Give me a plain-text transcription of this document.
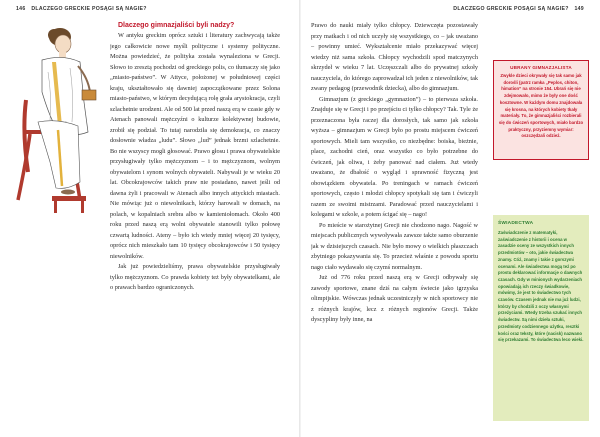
146 DLACZEGO GRECKIE POSĄGI SĄ NAGIE?	DLACZEGO GRECKIE POSĄGI SĄ NAGIE? 149

Dlaczego gimnazjaliści byli nadzy?

W antyku greckim oprócz sztuki i literatury zachwycają także jego całkowicie nowe myśli polityczne i systemy polityczne. Można powiedzieć, że polityka została wynaleziona w Grecji. Słowo to zresztą pochodzi od greckiego polis, co tłumaczy się jako „miasto-państwo”. W Attyce, położonej w południowej części kraju, ukształtowało się dawniej zapoczątkowane przez Solona miasto-państwo, w którym decydującą rolę grała arystokracja, czyli szlachetnie urodzeni. Ale od 500 lat przed naszą erą w czasie gdy w Atenach panowali mężczyźni o kulturze kolektywnej budowie, zrobił się podział. To tutaj narodziła się demokracja, co znaczy dosłownie władza „ludu”. Słowo „lud” jednak brzmi szlachetnie. Bo nie wszyscy mogli głosować. Prawo głosu i prawa obywatelskie przysługiwały tylko mężczyznom – i to mężczyznom, wolnym obywatelom i synom wolnych obywateli. Nabywali je w wieku 20 lat. Obcokrajowców takich praw nie posiadano, nawet jeśli od dawna żyli i pracowali w Atenach albo innych attyckich miastach. Nie mówiąc już o niewolnikach, którzy harowali w domach, na polach, w kopalniach srebra albo w kamieniołomach. Około 400 roku przed naszą erą wolni obywatele stanowili tylko połowę czwartą ludności. Ateny – było ich wtedy mniej więcej 20 tysięcy, oprócz nich mieszkało tam 10 tysięcy obcokrajowców i 50 tysięcy niewolników.

Jak już powiedzieliśmy, prawa obywatelskie przysługiwały tylko mężczyznom. Co prawda kobiety też były obywatelkami, ale o prawach bardzo ograniczonych.

Prawo do nauki miały tylko chłopcy. Dziewczęta pozostawały przy matkach i od nich uczyły się wszystkiego, co – jak uważano – powinny umieć. Wykształcenie miało przekazywać więcej wiedzy niż sama szkoła. Chłopcy wychodzili spod matczynych skrzydeł w wieku 7 lat. Uczęszczali albo do prywatnej szkoły nauczyciela, do którego zaprowadzał ich jeden z niewolników, tak zwany pedagog (przewodnik dziecka), albo do gimnazjum.

Gimnazjum (z greckiego „gymnazion”) – to pierwsza szkoła. Znajduje się w Grecji i po przejściu ci tylko chłopcy? Tak. Tyle że przeznaczona była raczej dla dorosłych, tak samo jak szkoła wyższa – gimnazjum w Grecji było po prostu miejscem ćwiczeń sportowych. Mieli tam wszystko, co niezbędne: boiska, bieżnie, place, zachodni cień, oraz wszystko co było potrzebne do ćwiczeń, jak oliwa, i żeby panować nad ciałem. Już wtedy uważano, że dbałość o wygląd i sprawność fizyczną jest obowiązkiem obywatela. Po treningach w ramach ćwiczeń sportowych, często i młodzi chłopcy spotykali się tam i ćwiczyli razem ze swoimi mistrzami. Paradować przed nauczycielami i kolegami w szkole, a potem ścigać się – nago!

Po mieście w starożytnej Grecji nie chodzono nago. Nagość w miejscach publicznych wywoływała zawsze także samo oburzenie jak w dzisiejszych czasach. Nie było mowy o wielkich płaszczach zbytniego pokazywania się. To przecież właśnie z powodu sportu nago ciało wydawało się czymś normalnym.

Już od 776 roku przed naszą erą w Grecji odbywały się zawody sportowe, znane dziś na całym świecie jako igrzyska olimpijskie. Wówczas jednak uczestniczyły w nich sportowcy nie z różnych krajów, lecz z różnych regionów Grecji. Także dyscypliny były inne, na

UBRANY GIMNAZJALISTA
Zwykle dzieci okrywały się tak samo jak dorośli (patrz ramka „Peplos, chiton, himation” na stronie 154. Ubrań się nie zdejmowało, mimo że były one dość kosztowne. W każdym domu znajdowała się krosna, na których kobiety tkały materiały. To, że gimnazjaliści rozbierali się do ćwiczeń sportowych, miało bardzo praktyczny, przyziemny wymiar: oszczędzali odzież.
ŚWIADECTWA
Zaświadczenie z matematyki, zaświadczenie z historii i ocena w zasadzie oceny ze wszystkich innych przedmiotów – oto, jakie świadectwa znamy. Cóż, znamy i takie z gorszymi ocenami. Ale świadectwa mogą też po prostu deklarować informacje o dawnych czasach. Gdy w minionych wydarzeniach opowiadają ich rzeczy świadkowie, mówimy, że jest to świadectwo tych czasów. Czasem jednak nie ma już ludzi, którzy by chodzili z oczy własnymi przeżyciami. Wtedy trzeba szukać innych świadectw. Są nimi dzieła sztuki, przedmioty codziennego użytku, resztki kości oraz teksty, które (nacisk) nazwano się przekazami. To świadectwa leco wieki.
